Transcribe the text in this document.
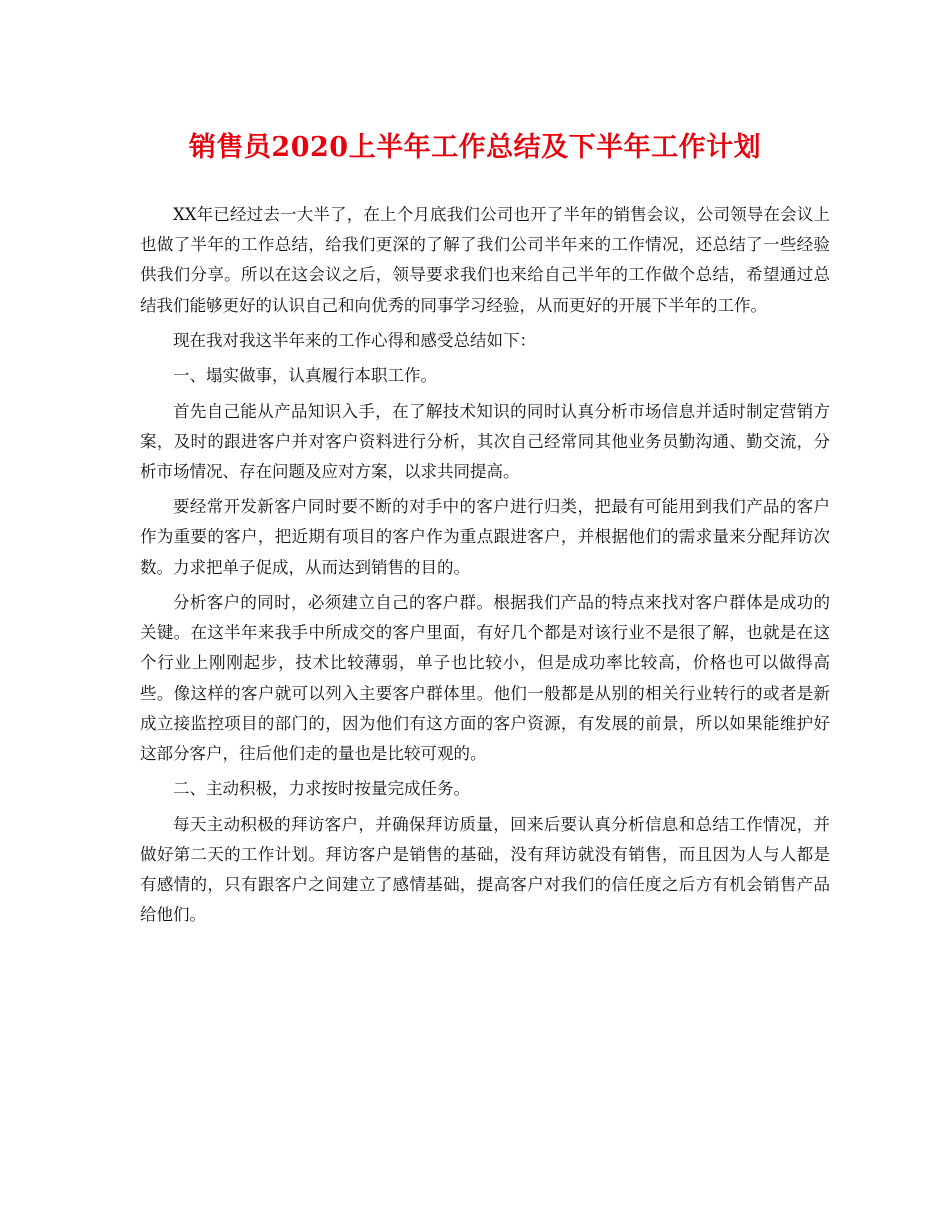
销售员2020上半年工作总结及下半年工作计划

XX年已经过去一大半了，在上个月底我们公司也开了半年的销售会议，公司领导在会议上也做了半年的工作总结，给我们更深的了解了我们公司半年来的工作情况，还总结了一些经验供我们分享。所以在这会议之后，领导要求我们也来给自己半年的工作做个总结，希望通过总结我们能够更好的认识自己和向优秀的同事学习经验，从而更好的开展下半年的工作。

现在我对我这半年来的工作心得和感受总结如下：

一、塌实做事，认真履行本职工作。

首先自己能从产品知识入手，在了解技术知识的同时认真分析市场信息并适时制定营销方案，及时的跟进客户并对客户资料进行分析，其次自己经常同其他业务员勤沟通、勤交流，分析市场情况、存在问题及应对方案，以求共同提高。

要经常开发新客户同时要不断的对手中的客户进行归类，把最有可能用到我们产品的客户作为重要的客户，把近期有项目的客户作为重点跟进客户，并根据他们的需求量来分配拜访次数。力求把单子促成，从而达到销售的目的。

分析客户的同时，必须建立自己的客户群。根据我们产品的特点来找对客户群体是成功的关键。在这半年来我手中所成交的客户里面，有好几个都是对该行业不是很了解，也就是在这个行业上刚刚起步，技术比较薄弱，单子也比较小，但是成功率比较高，价格也可以做得高些。像这样的客户就可以列入主要客户群体里。他们一般都是从别的相关行业转行的或者是新成立接监控项目的部门的，因为他们有这方面的客户资源，有发展的前景，所以如果能维护好这部分客户，往后他们走的量也是比较可观的。

二、主动积极，力求按时按量完成任务。

每天主动积极的拜访客户，并确保拜访质量，回来后要认真分析信息和总结工作情况，并做好第二天的工作计划。拜访客户是销售的基础，没有拜访就没有销售，而且因为人与人都是有感情的，只有跟客户之间建立了感情基础，提高客户对我们的信任度之后方有机会销售产品给他们。
